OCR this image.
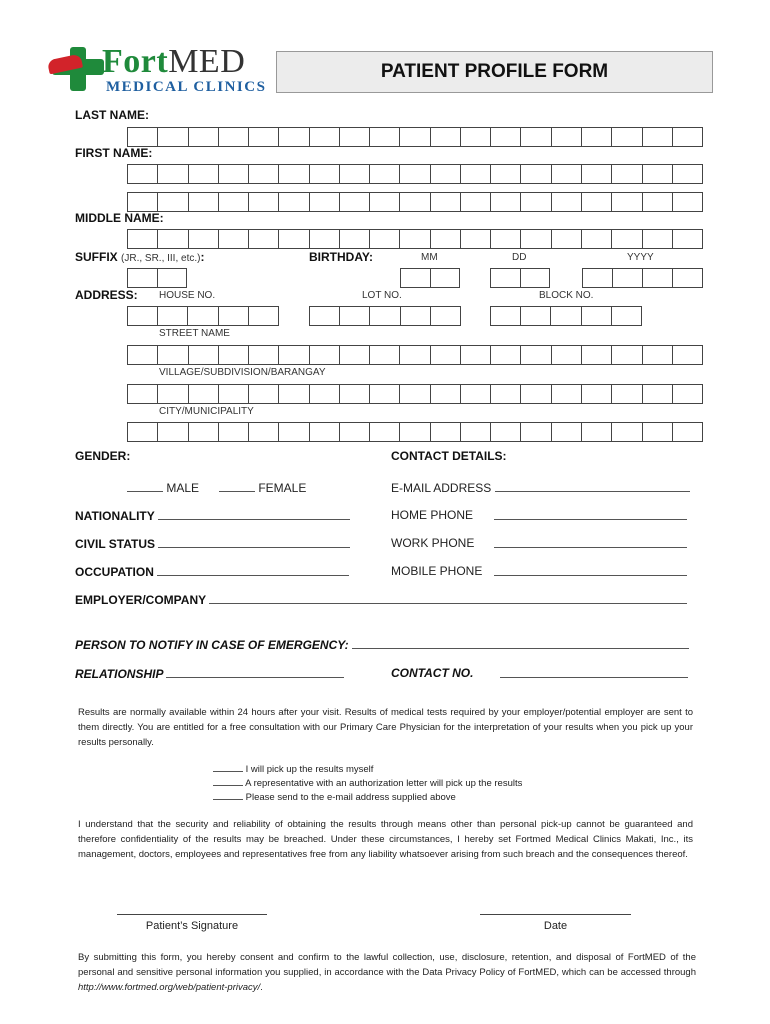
FortMED
MEDICAL CLINICS
PATIENT PROFILE FORM
LAST NAME:
FIRST NAME:
MIDDLE NAME:
SUFFIX (JR., SR., III, etc.):	BIRTHDAY:	MM	DD	YYYY
ADDRESS: HOUSE NO.	LOT NO.	BLOCK NO.
STREET NAME
VILLAGE/SUBDIVISION/BARANGAY
CITY/MUNICIPALITY
GENDER:	CONTACT DETAILS:
MALE	FEMALE	E-MAIL ADDRESS
NATIONALITY	HOME PHONE
CIVIL STATUS	WORK PHONE
OCCUPATION	MOBILE PHONE
EMPLOYER/COMPANY
PERSON TO NOTIFY IN CASE OF EMERGENCY:
RELATIONSHIP	CONTACT NO.
Results are normally available within 24 hours after your visit. Results of medical tests required by your employer/potential employer are sent to them directly. You are entitled for a free consultation with our Primary Care Physician for the interpretation of your results when you pick up your results personally.
I will pick up the results myself
A representative with an authorization letter will pick up the results
Please send to the e-mail address supplied above
I understand that the security and reliability of obtaining the results through means other than personal pick-up cannot be guaranteed and therefore confidentiality of the results may be breached. Under these circumstances, I hereby set Fortmed Medical Clinics Makati, Inc., its management, doctors, employees and representatives free from any liability whatsoever arising from such breach and the consequences thereof.
Patient’s Signature	Date
By submitting this form, you hereby consent and confirm to the lawful collection, use, disclosure, retention, and disposal of FortMED of the personal and sensitive personal information you supplied, in accordance with the Data Privacy Policy of FortMED, which can be accessed through http://www.fortmed.org/web/patient-privacy/.
